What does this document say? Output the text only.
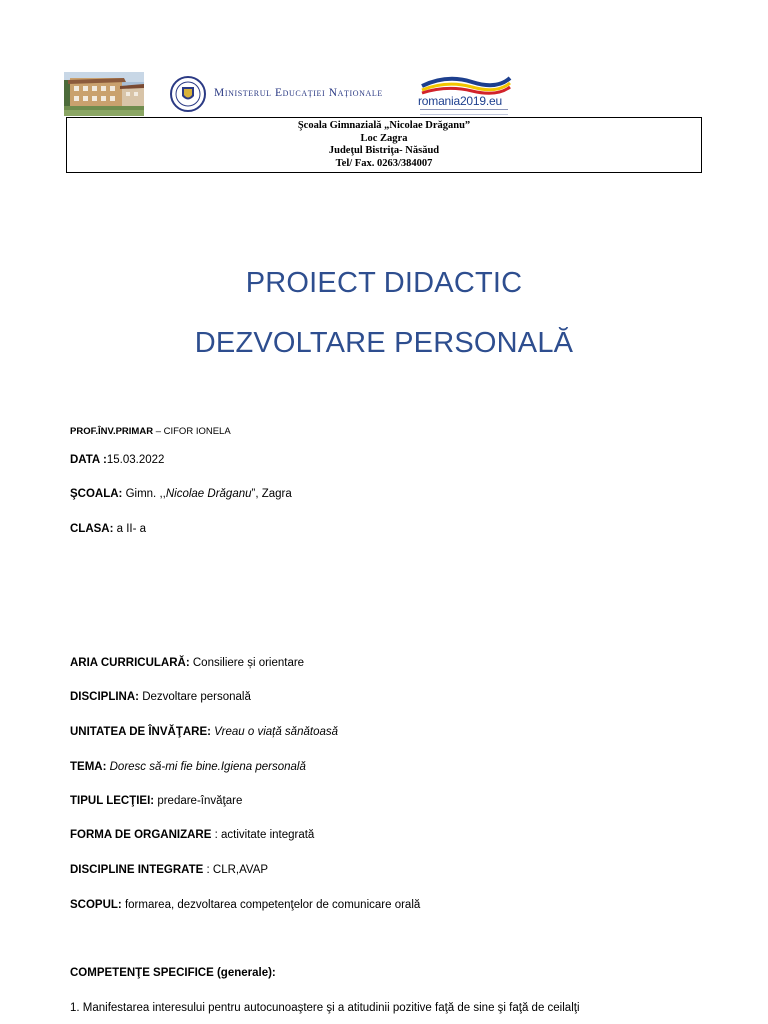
Ministerul Educației Naționale
romania2019.eu
Şcoala Gimnazială „Nicolae Drăganu”
Loc Zagra
Judeţul Bistriţa- Năsăud
Tel/ Fax. 0263/384007
PROIECT DIDACTIC
DEZVOLTARE PERSONALĂ
PROF.ÎNV.PRIMAR – CIFOR IONELA
DATA :15.03.2022
ŞCOALA: Gimn. ,,Nicolae Drăganu”, Zagra
CLASA: a II- a
ARIA CURRICULARĂ: Consiliere și orientare
DISCIPLINA: Dezvoltare personală
UNITATEA DE ÎNVĂŢARE: Vreau o viață sănătoasă
TEMA: Doresc să-mi fie bine.Igiena personală
TIPUL LECŢIEI: predare-învăţare
FORMA DE ORGANIZARE : activitate integrată
DISCIPLINE INTEGRATE : CLR,AVAP
SCOPUL: formarea, dezvoltarea competenţelor de comunicare orală
COMPETENŢE SPECIFICE (generale):
1. Manifestarea interesului pentru autocunoaştere şi a atitudinii pozitive faţă de sine şi faţă de ceilalţi
